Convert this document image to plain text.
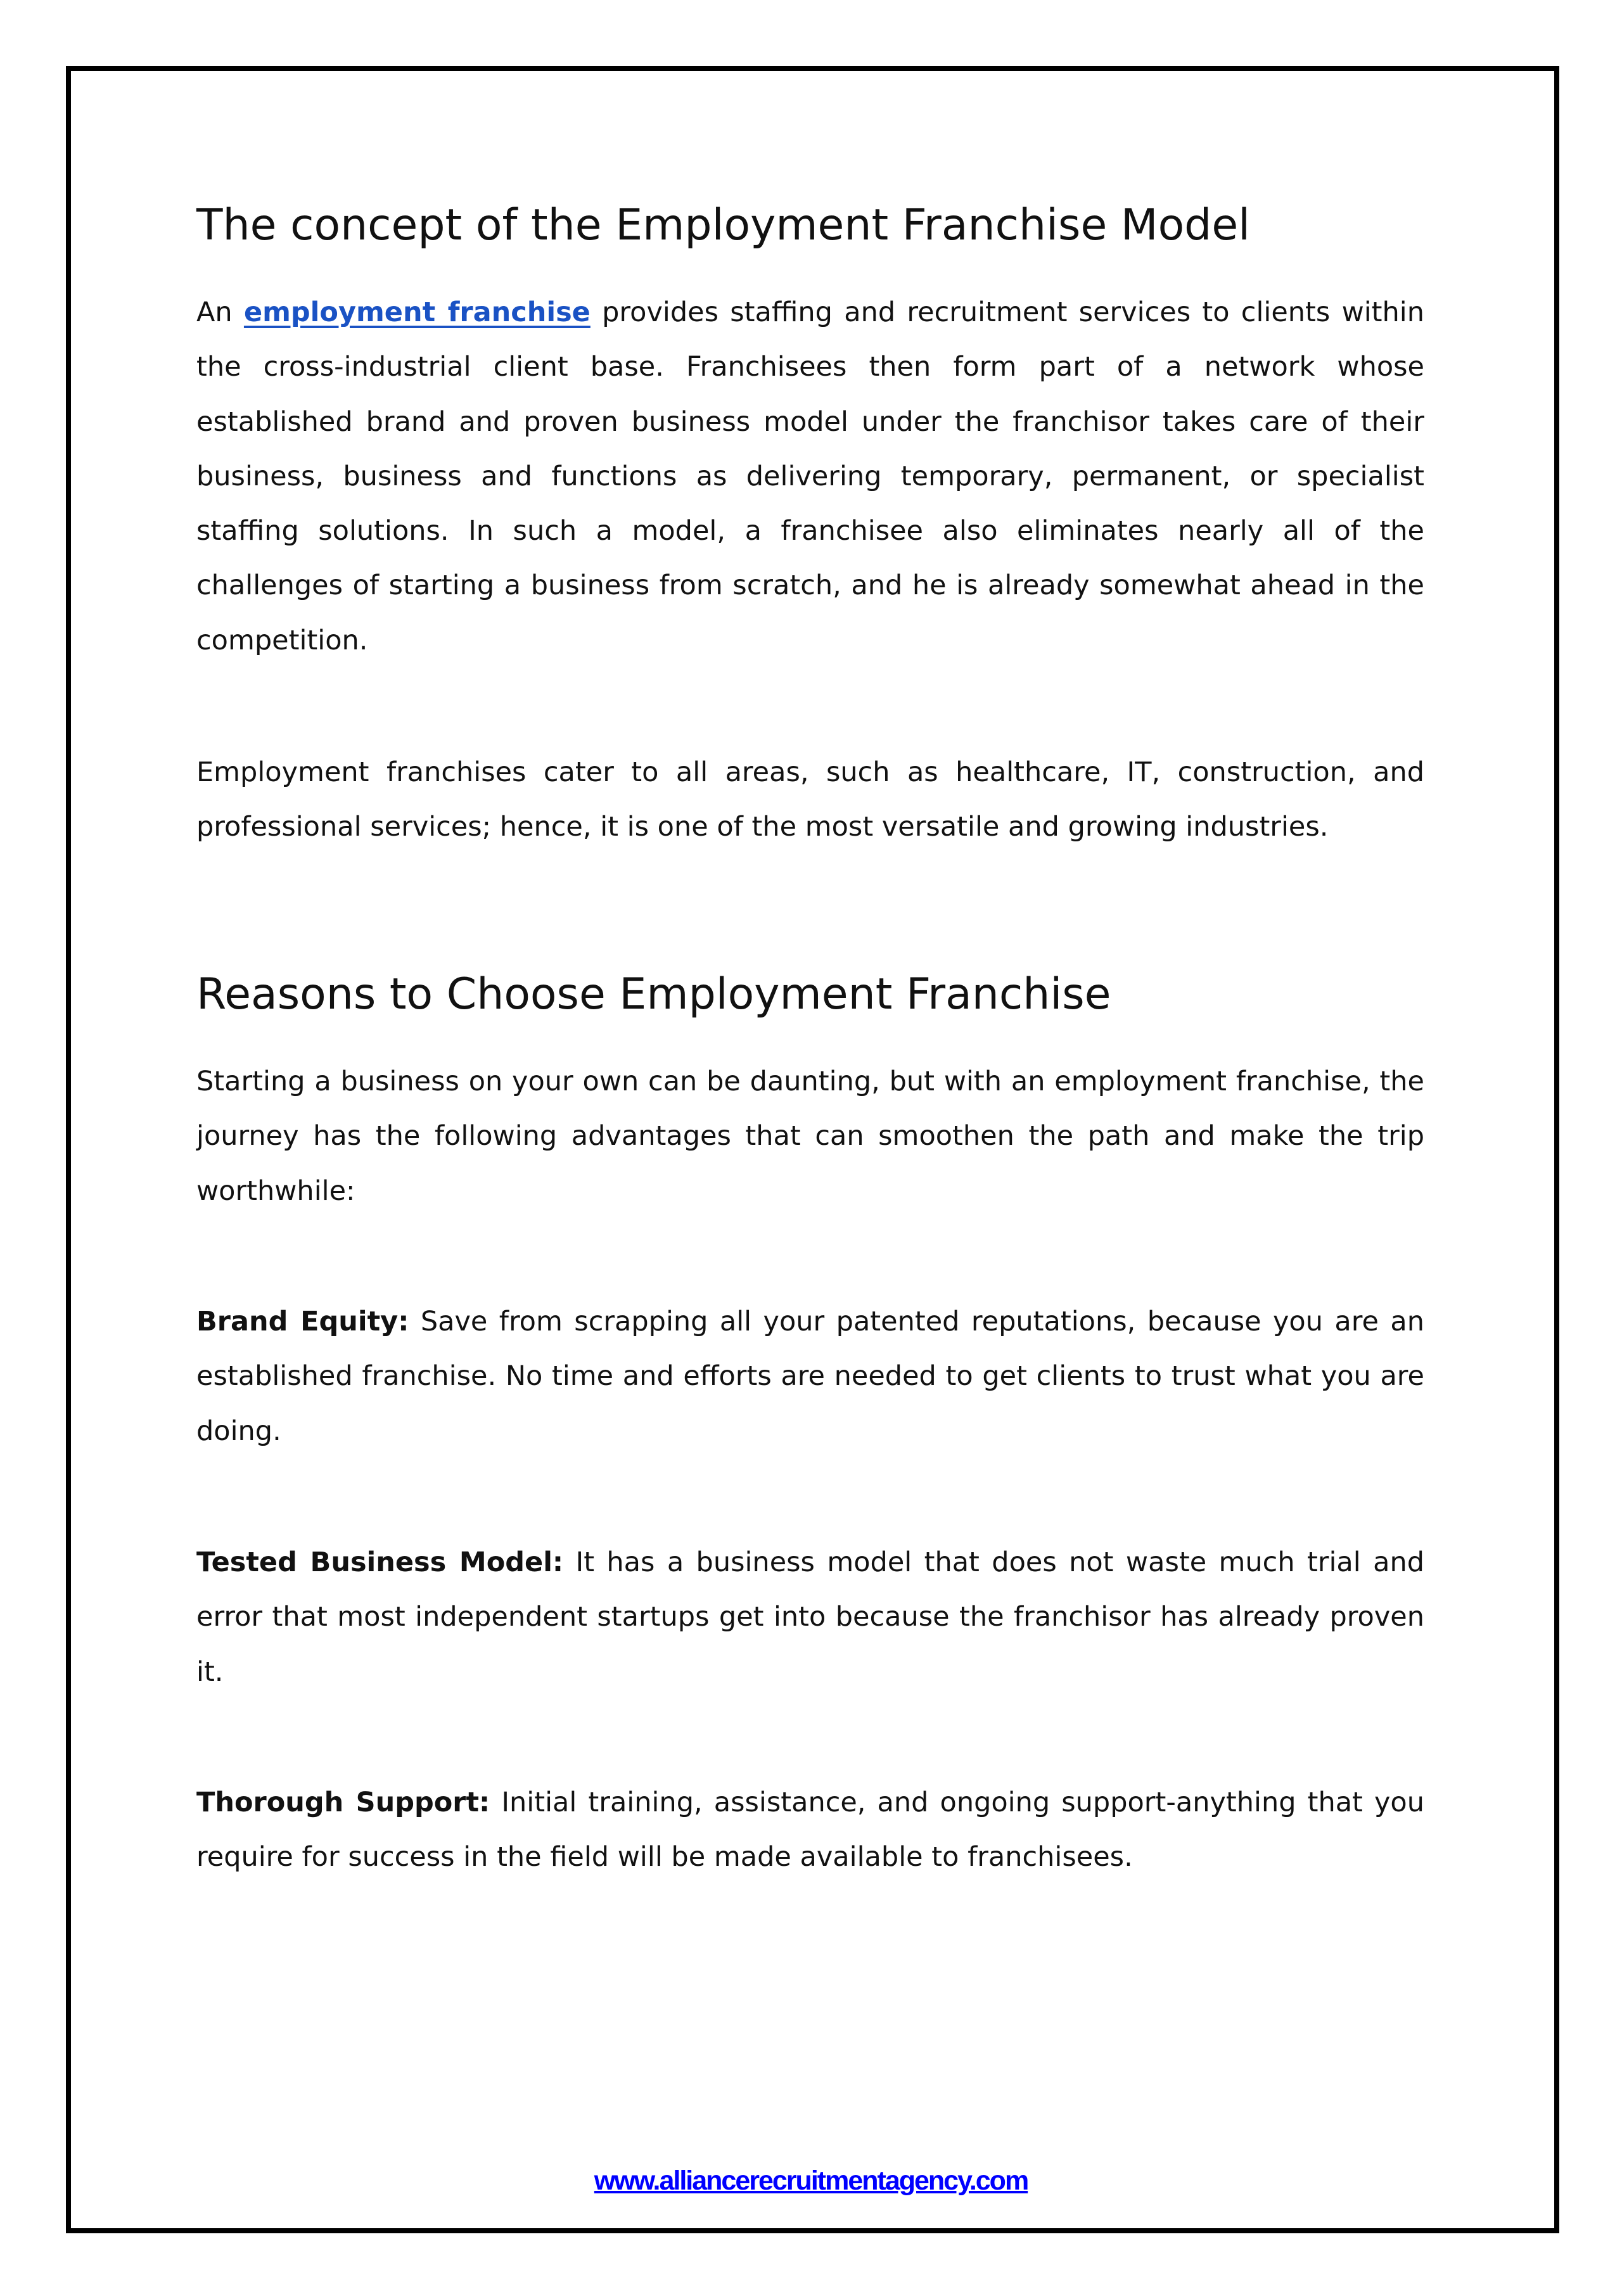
The concept of the Employment Franchise Model

An employment franchise provides staffing and recruitment services to clients within the cross-industrial client base. Franchisees then form part of a network whose established brand and proven business model under the franchisor takes care of their business, business and functions as delivering temporary, permanent, or specialist staffing solutions. In such a model, a franchisee also eliminates nearly all of the challenges of starting a business from scratch, and he is already somewhat ahead in the competition.

Employment franchises cater to all areas, such as healthcare, IT, construction, and professional services; hence, it is one of the most versatile and growing industries.

Reasons to Choose Employment Franchise

Starting a business on your own can be daunting, but with an employment franchise, the journey has the following advantages that can smoothen the path and make the trip worthwhile:

Brand Equity: Save from scrapping all your patented reputations, because you are an established franchise. No time and efforts are needed to get clients to trust what you are doing.

Tested Business Model: It has a business model that does not waste much trial and error that most independent startups get into because the franchisor has already proven it.

Thorough Support: Initial training, assistance, and ongoing support-anything that you require for success in the field will be made available to franchisees.

www.alliancerecruitmentagency.com
